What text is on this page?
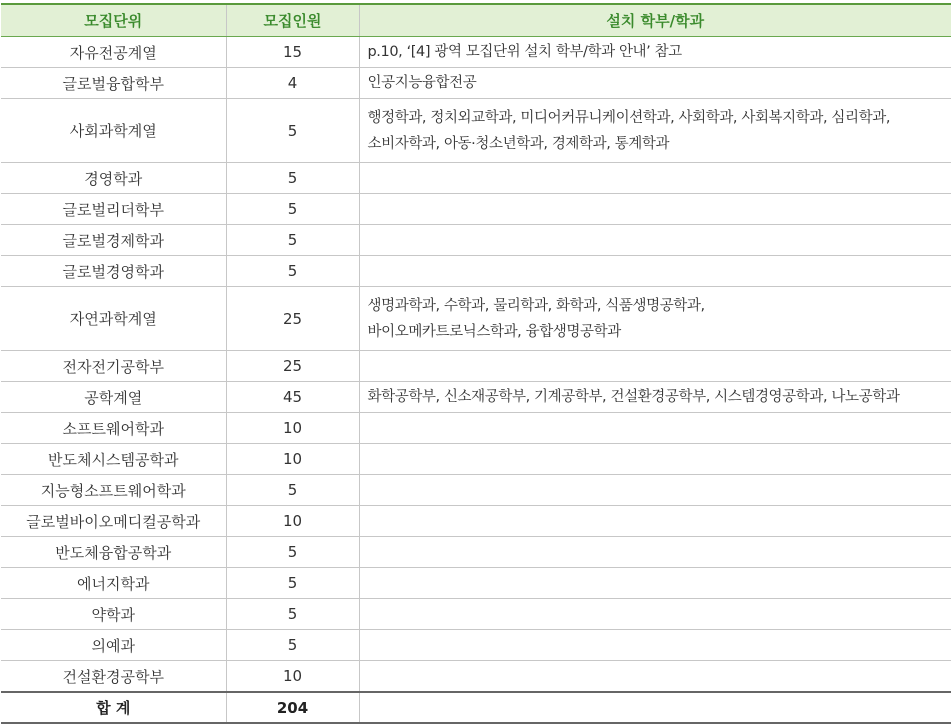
모집단위	모집인원	설치 학부/학과
자유전공계열	15	p.10, ‘[4] 광역 모집단위 설치 학부/학과 안내’ 참고

글로벌융합학부	4	인공지능융합전공

사회과학계열	5	행정학과, 정치외교학과, 미디어커뮤니케이션학과, 사회학과, 사회복지학과, 심리학과,
소비자학과, 아동·청소년학과, 경제학과, 통계학과

경영학과	5	
글로벌리더학부	5	
글로벌경제학과	5	
글로벌경영학과	5	
자연과학계열	25	생명과학과, 수학과, 물리학과, 화학과, 식품생명공학과,
바이오메카트로닉스학과, 융합생명공학과

전자전기공학부	25	
공학계열	45	화학공학부, 신소재공학부, 기계공학부, 건설환경공학부, 시스템경영공학과, 나노공학과

소프트웨어학과	10	
반도체시스템공학과	10	
지능형소프트웨어학과	5	
글로벌바이오메디컬공학과	10	
반도체융합공학과	5	
에너지학과	5	
약학과	5	
의예과	5	
건설환경공학부	10	
합 계	204	
